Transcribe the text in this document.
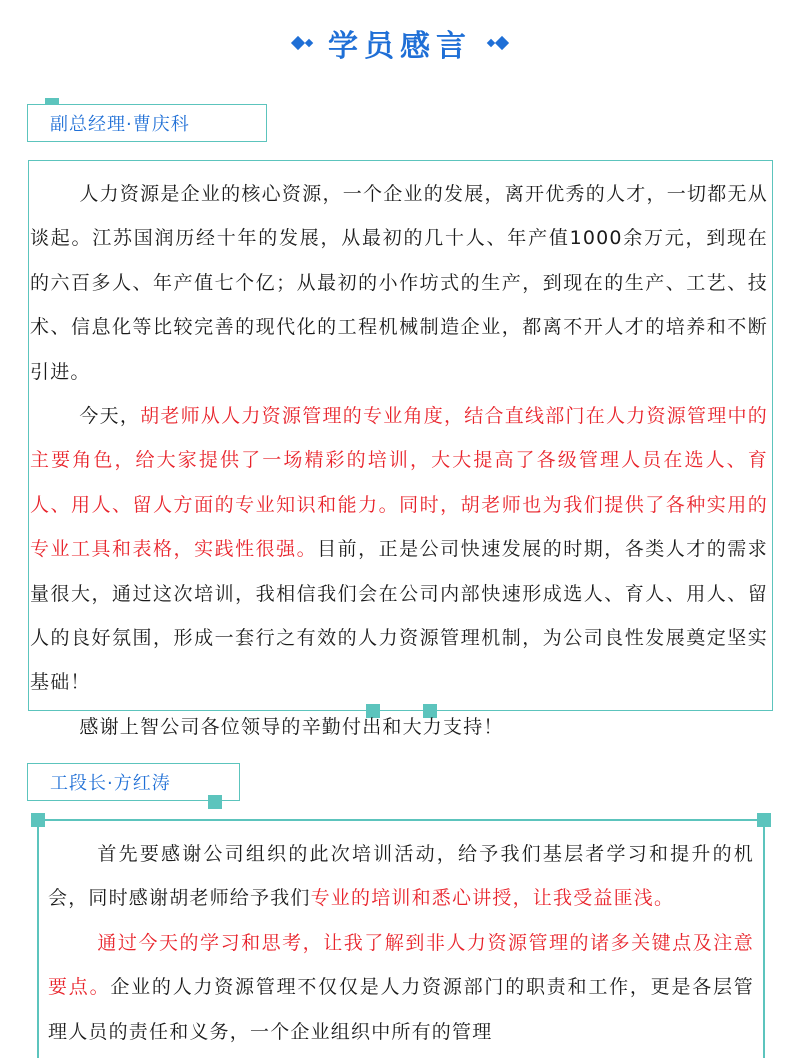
学员感言
副总经理·曹庆科

人力资源是企业的核心资源，一个企业的发展，离开优秀的人才，一切都无从谈起。江苏国润历经十年的发展，从最初的几十人、年产值1000余万元，到现在的六百多人、年产值七个亿；从最初的小作坊式的生产，到现在的生产、工艺、技术、信息化等比较完善的现代化的工程机械制造企业，都离不开人才的培养和不断引进。

今天，胡老师从人力资源管理的专业角度，结合直线部门在人力资源管理中的主要角色，给大家提供了一场精彩的培训，大大提高了各级管理人员在选人、育人、用人、留人方面的专业知识和能力。同时，胡老师也为我们提供了各种实用的专业工具和表格，实践性很强。目前，正是公司快速发展的时期，各类人才的需求量很大，通过这次培训，我相信我们会在公司内部快速形成选人、育人、用人、留人的良好氛围，形成一套行之有效的人力资源管理机制，为公司良性发展奠定坚实基础！

感谢上智公司各位领导的辛勤付出和大力支持！

工段长·方红涛

首先要感谢公司组织的此次培训活动，给予我们基层者学习和提升的机会，同时感谢胡老师给予我们专业的培训和悉心讲授，让我受益匪浅。

通过今天的学习和思考，让我了解到非人力资源管理的诸多关键点及注意要点。企业的人力资源管理不仅仅是人力资源部门的职责和工作，更是各层管理人员的责任和义务，一个企业组织中所有的管理
